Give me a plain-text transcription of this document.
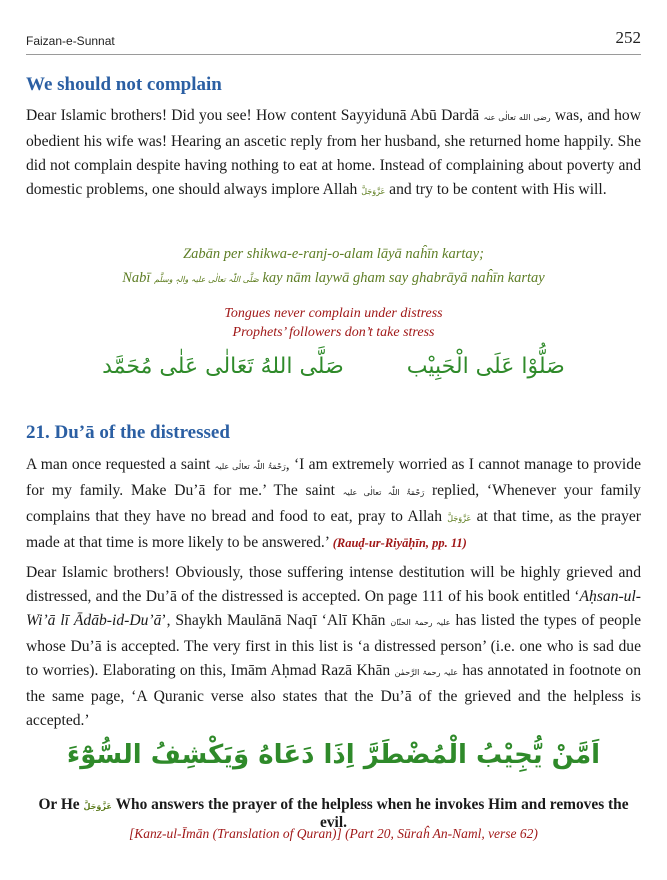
Faizan-e-Sunnat	252
We should not complain

Dear Islamic brothers! Did you see! How content Sayyidunā Abū Dardā رضی الله تعالٰی عنہ was, and how obedient his wife was! Hearing an ascetic reply from her husband, she returned home happily. She did not complain despite having nothing to eat at home. Instead of complaining about poverty and domestic problems, one should always implore Allah عَزَّوَجَلَّ and try to be content with His will.

Zabān per shikwa-e-ranj-o-alam lāyā naĥīn kartay;

Nabī صَلَّی اللّٰہ تعالٰی علیہ والہٖ وسلَّم kay nām laywā gham say ghabrāyā naĥīn kartay

Tongues never complain under distress

Prophets’ followers don’t take stress

صَلُّوْا عَلَى الْحَبِيْب صَلَّى اللهُ تَعَالٰى عَلٰى مُحَمَّد
21. Du’ā of the distressed

A man once requested a saint رَحْمَۃُ اللّٰہ تعالٰی علیہ, ‘I am extremely worried as I cannot manage to provide for my family. Make Du’ā for me.’ The saint رَحْمَۃُ اللّٰہ تعالٰی علیہ replied, ‘Whenever your family complains that they have no bread and food to eat, pray to Allah عَزَّوَجَلَّ at that time, as the prayer made at that time is more likely to be answered.’ (Rauḍ-ur-Riyāḥīn, pp. 11)

Dear Islamic brothers! Obviously, those suffering intense destitution will be highly grieved and distressed, and the Du’ā of the distressed is accepted. On page 111 of his book entitled ‘Aḥsan-ul-Wi’ā lī Ādāb-id-Du’ā’, Shaykh Maulānā Naqī ‘Alī Khān علیہ رحمۃ الحنّان has listed the types of people whose Du’ā is accepted. The very first in this list is ‘a distressed person’ (i.e. one who is sad due to worries). Elaborating on this, Imām Aḥmad Razā Khān علیہ رحمۃ الرَّحمٰن has annotated in footnote on the same page, ‘A Quranic verse also states that the Du’ā of the grieved and the helpless is accepted.’

اَمَّنْ يُّجِيْبُ الْمُضْطَرَّ اِذَا دَعَاهُ وَيَكْشِفُ السُّوْٓءَ

Or He عَزَّوَجَلَّ Who answers the prayer of the helpless when he invokes Him and removes the evil.

[Kanz-ul-Īmān (Translation of Quran)] (Part 20, Sūraĥ An-Naml, verse 62)
